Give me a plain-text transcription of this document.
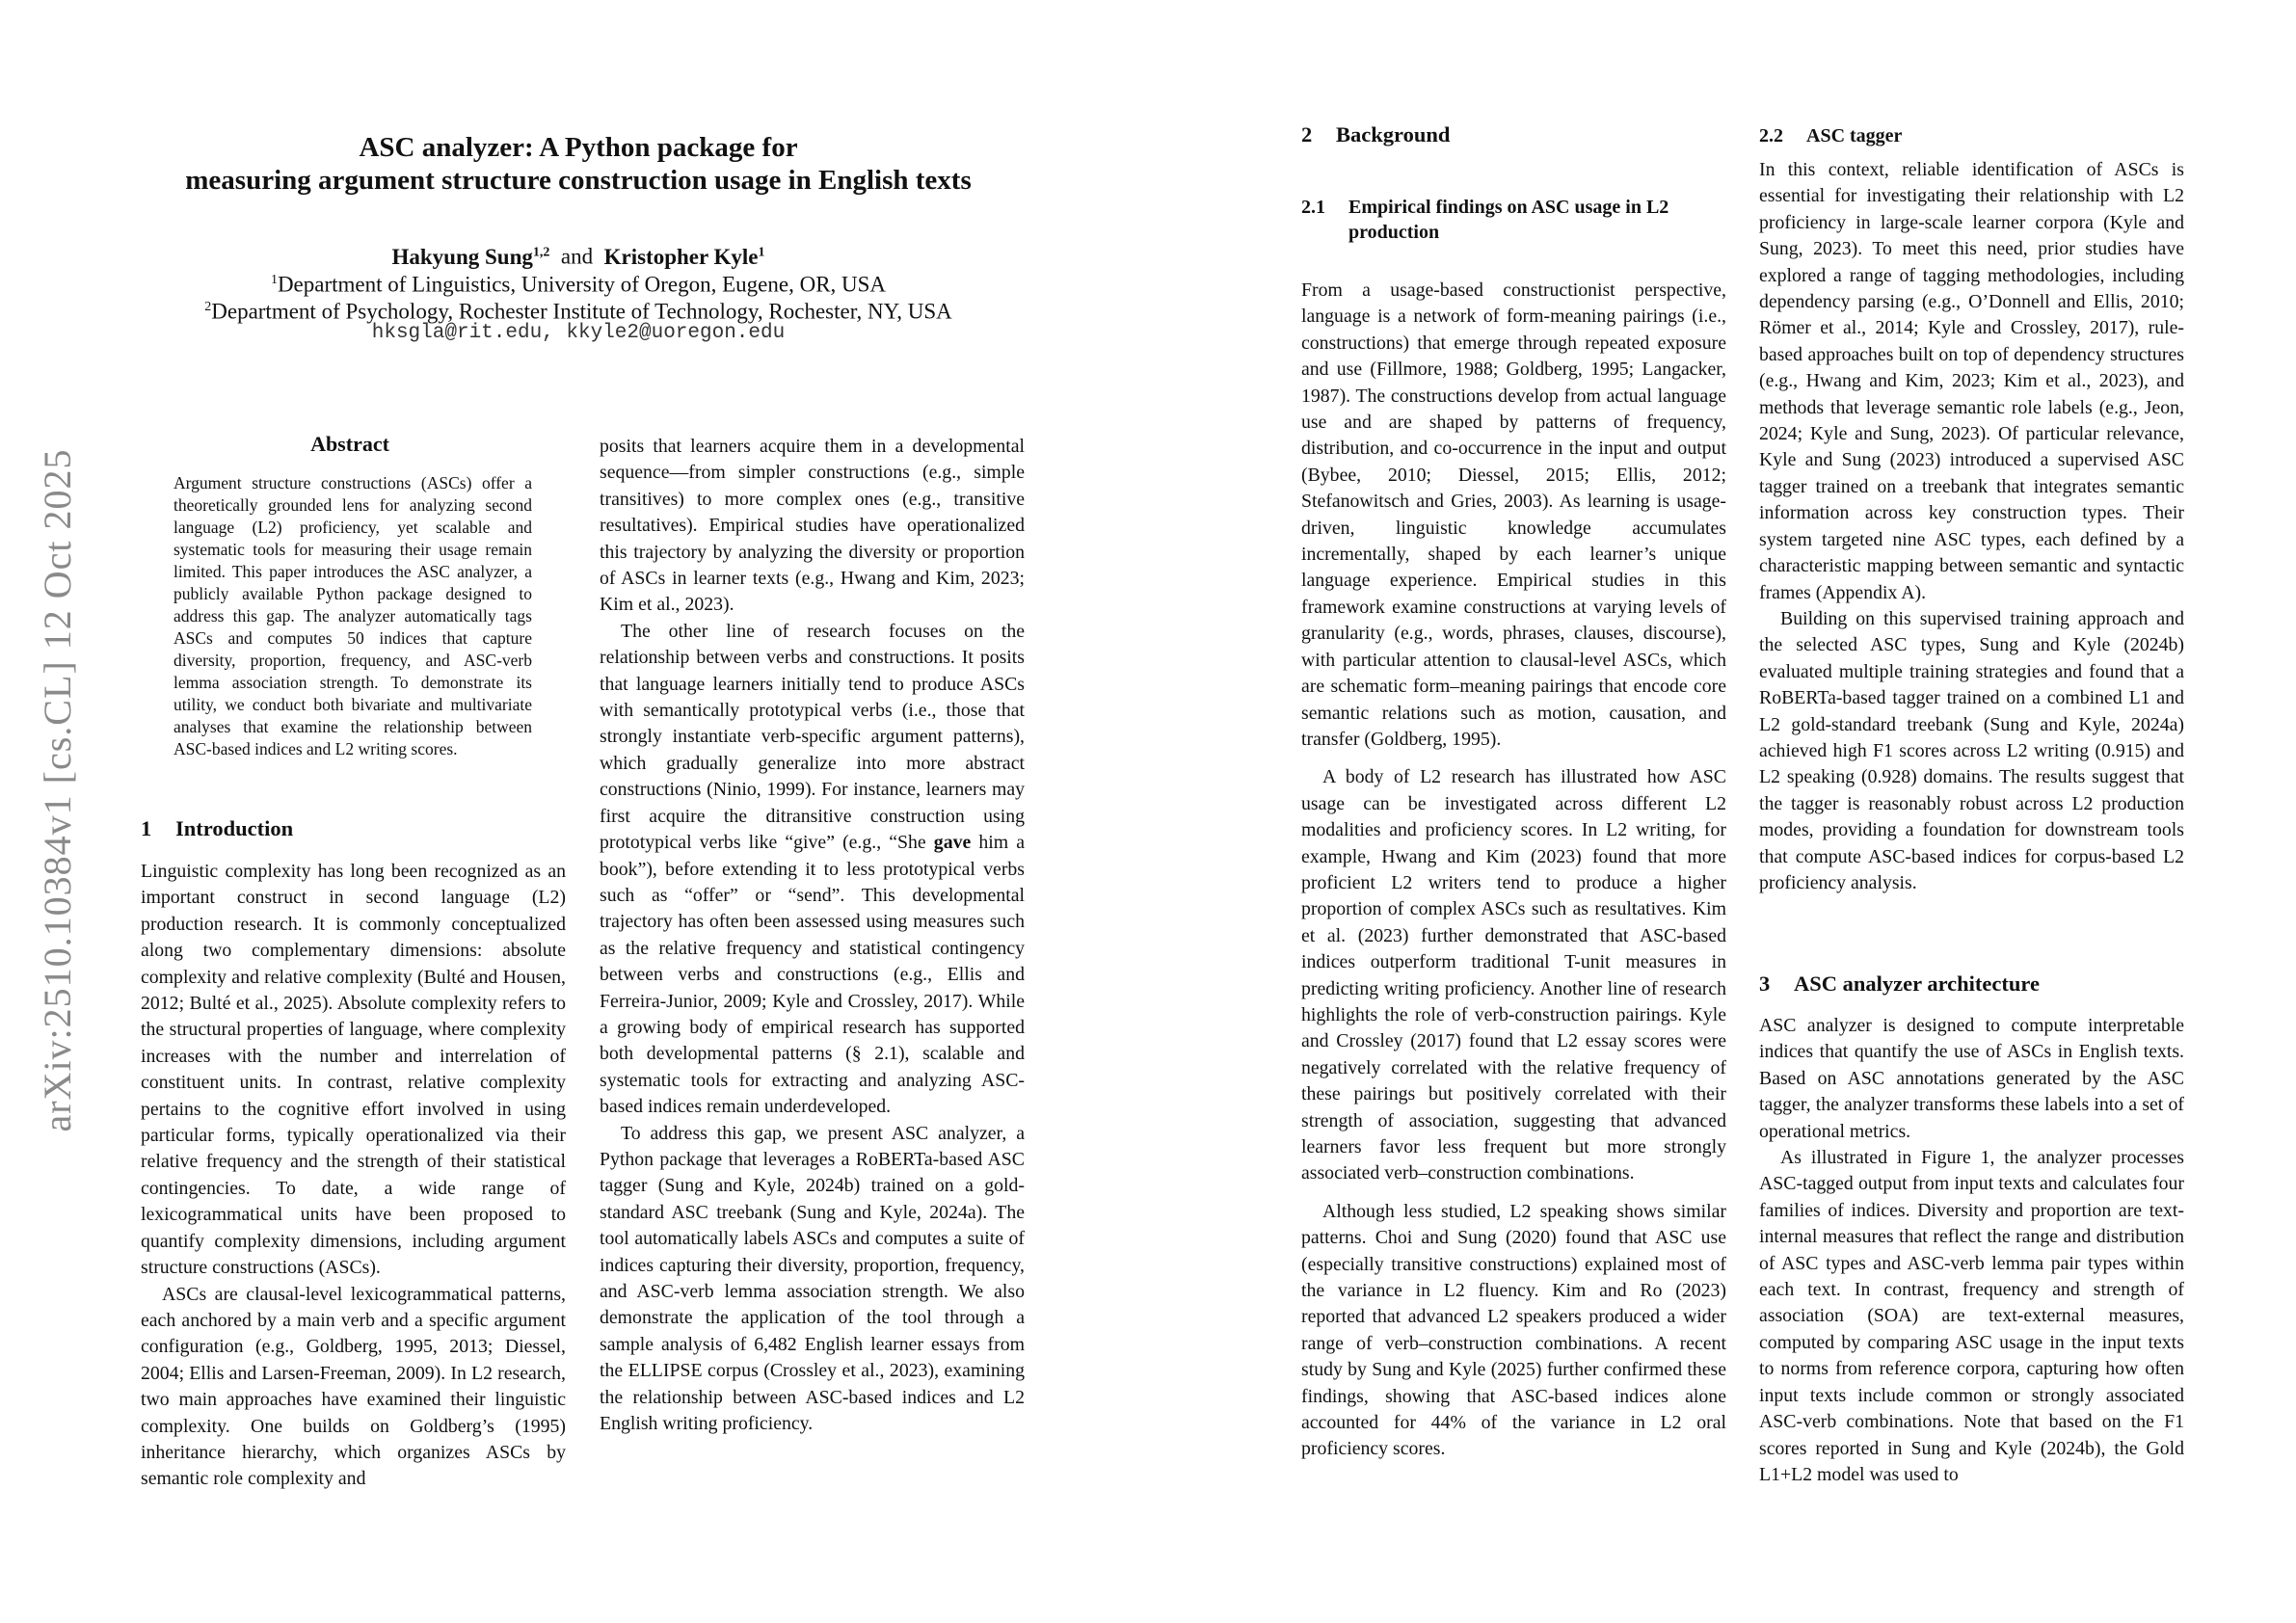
arXiv:2510.10384v1 [cs.CL] 12 Oct 2025
ASC analyzer: A Python package for
measuring argument structure construction usage in English texts
Hakyung Sung$^{1,2}$ and Kristopher Kyle$^1$
$^1$Department of Linguistics, University of Oregon, Eugene, OR, USA
$^2$Department of Psychology, Rochester Institute of Technology, Rochester, NY, USA
hksgla@rit.edu, kkyle2@uoregon.edu
Abstract
Argument structure constructions (ASCs) offer a theoretically grounded lens for analyzing second language (L2) proficiency, yet scalable and systematic tools for measuring their usage remain limited. This paper introduces the ASC analyzer, a publicly available Python package designed to address this gap. The analyzer automatically tags ASCs and computes 50 indices that capture diversity, proportion, frequency, and ASC-verb lemma association strength. To demonstrate its utility, we conduct both bivariate and multivariate analyses that examine the relationship between ASC-based indices and L2 writing scores.
1 Introduction

Linguistic complexity has long been recognized as an important construct in second language (L2) production research. It is commonly conceptualized along two complementary dimensions: absolute complexity and relative complexity (Bulté and Housen, 2012; Bulté et al., 2025). Absolute complexity refers to the structural properties of language, where complexity increases with the number and interrelation of constituent units. In contrast, relative complexity pertains to the cognitive effort involved in using particular forms, typically operationalized via their relative frequency and the strength of their statistical contingencies. To date, a wide range of lexicogrammatical units have been proposed to quantify complexity dimensions, including argument structure constructions (ASCs).

ASCs are clausal-level lexicogrammatical patterns, each anchored by a main verb and a specific argument configuration (e.g., Goldberg, 1995, 2013; Diessel, 2004; Ellis and Larsen-Freeman, 2009). In L2 research, two main approaches have examined their linguistic complexity. One builds on Goldberg’s (1995) inheritance hierarchy, which organizes ASCs by semantic role complexity and

posits that learners acquire them in a developmental sequence—from simpler constructions (e.g., simple transitives) to more complex ones (e.g., transitive resultatives). Empirical studies have operationalized this trajectory by analyzing the diversity or proportion of ASCs in learner texts (e.g., Hwang and Kim, 2023; Kim et al., 2023).

The other line of research focuses on the relationship between verbs and constructions. It posits that language learners initially tend to produce ASCs with semantically prototypical verbs (i.e., those that strongly instantiate verb-specific argument patterns), which gradually generalize into more abstract constructions (Ninio, 1999). For instance, learners may first acquire the ditransitive construction using prototypical verbs like “give” (e.g., “She gave him a book”), before extending it to less prototypical verbs such as “offer” or “send”. This developmental trajectory has often been assessed using measures such as the relative frequency and statistical contingency between verbs and constructions (e.g., Ellis and Ferreira-Junior, 2009; Kyle and Crossley, 2017). While a growing body of empirical research has supported both developmental patterns (§ 2.1), scalable and systematic tools for extracting and analyzing ASC-based indices remain underdeveloped.

To address this gap, we present ASC analyzer, a Python package that leverages a RoBERTa-based ASC tagger (Sung and Kyle, 2024b) trained on a gold-standard ASC treebank (Sung and Kyle, 2024a). The tool automatically labels ASCs and computes a suite of indices capturing their diversity, proportion, frequency, and ASC-verb lemma association strength. We also demonstrate the application of the tool through a sample analysis of 6,482 English learner essays from the ELLIPSE corpus (Crossley et al., 2023), examining the relationship between ASC-based indices and L2 English writing proficiency.

2 Background
2.1	Empirical findings on ASC usage in L2 production

From a usage-based constructionist perspective, language is a network of form-meaning pairings (i.e., constructions) that emerge through repeated exposure and use (Fillmore, 1988; Goldberg, 1995; Langacker, 1987). The constructions develop from actual language use and are shaped by patterns of frequency, distribution, and co-occurrence in the input and output (Bybee, 2010; Diessel, 2015; Ellis, 2012; Stefanowitsch and Gries, 2003). As learning is usage-driven, linguistic knowledge accumulates incrementally, shaped by each learner’s unique language experience. Empirical studies in this framework examine constructions at varying levels of granularity (e.g., words, phrases, clauses, discourse), with particular attention to clausal-level ASCs, which are schematic form–meaning pairings that encode core semantic relations such as motion, causation, and transfer (Goldberg, 1995).

A body of L2 research has illustrated how ASC usage can be investigated across different L2 modalities and proficiency scores. In L2 writing, for example, Hwang and Kim (2023) found that more proficient L2 writers tend to produce a higher proportion of complex ASCs such as resultatives. Kim et al. (2023) further demonstrated that ASC-based indices outperform traditional T-unit measures in predicting writing proficiency. Another line of research highlights the role of verb-construction pairings. Kyle and Crossley (2017) found that L2 essay scores were negatively correlated with the relative frequency of these pairings but positively correlated with their strength of association, suggesting that advanced learners favor less frequent but more strongly associated verb–construction combinations.

Although less studied, L2 speaking shows similar patterns. Choi and Sung (2020) found that ASC use (especially transitive constructions) explained most of the variance in L2 fluency. Kim and Ro (2023) reported that advanced L2 speakers produced a wider range of verb–construction combinations. A recent study by Sung and Kyle (2025) further confirmed these findings, showing that ASC-based indices alone accounted for 44% of the variance in L2 oral proficiency scores.

2.2 ASC tagger

In this context, reliable identification of ASCs is essential for investigating their relationship with L2 proficiency in large-scale learner corpora (Kyle and Sung, 2023). To meet this need, prior studies have explored a range of tagging methodologies, including dependency parsing (e.g., O’Donnell and Ellis, 2010; Römer et al., 2014; Kyle and Crossley, 2017), rule-based approaches built on top of dependency structures (e.g., Hwang and Kim, 2023; Kim et al., 2023), and methods that leverage semantic role labels (e.g., Jeon, 2024; Kyle and Sung, 2023). Of particular relevance, Kyle and Sung (2023) introduced a supervised ASC tagger trained on a treebank that integrates semantic information across key construction types. Their system targeted nine ASC types, each defined by a characteristic mapping between semantic and syntactic frames (Appendix A).

Building on this supervised training approach and the selected ASC types, Sung and Kyle (2024b) evaluated multiple training strategies and found that a RoBERTa-based tagger trained on a combined L1 and L2 gold-standard treebank (Sung and Kyle, 2024a) achieved high F1 scores across L2 writing (0.915) and L2 speaking (0.928) domains. The results suggest that the tagger is reasonably robust across L2 production modes, providing a foundation for downstream tools that compute ASC-based indices for corpus-based L2 proficiency analysis.

3 ASC analyzer architecture

ASC analyzer is designed to compute interpretable indices that quantify the use of ASCs in English texts. Based on ASC annotations generated by the ASC tagger, the analyzer transforms these labels into a set of operational metrics.

As illustrated in Figure 1, the analyzer processes ASC-tagged output from input texts and calculates four families of indices. Diversity and proportion are text-internal measures that reflect the range and distribution of ASC types and ASC-verb lemma pair types within each text. In contrast, frequency and strength of association (SOA) are text-external measures, computed by comparing ASC usage in the input texts to norms from reference corpora, capturing how often input texts include common or strongly associated ASC-verb combinations. Note that based on the F1 scores reported in Sung and Kyle (2024b), the Gold L1+L2 model was used to
